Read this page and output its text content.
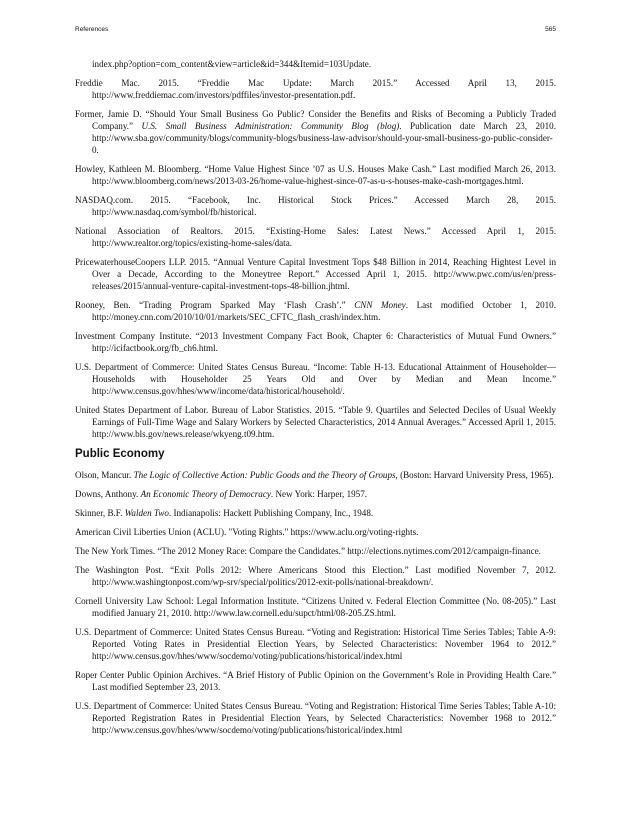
References	565

index.php?option=com_content&view=article&id=344&Itemid=103Update.

Freddie Mac. 2015. “Freddie Mac Update: March 2015.” Accessed April 13, 2015. http://www.freddiemac.com/investors/pdffiles/investor-presentation.pdf.

Former, Jamie D. “Should Your Small Business Go Public? Consider the Benefits and Risks of Becoming a Publicly Traded Company.” U.S. Small Business Administration: Community Blog (blog). Publication date March 23, 2010. http://www.sba.gov/community/blogs/community-blogs/business-law-advisor/should-your-small-business-go-public-consider-0.

Howley, Kathleen M. Bloomberg. “Home Value Highest Since ’07 as U.S. Houses Make Cash.” Last modified March 26, 2013. http://www.bloomberg.com/news/2013-03-26/home-value-highest-since-07-as-u-s-houses-make-cash-mortgages.html.

NASDAQ.com. 2015. “Facebook, Inc. Historical Stock Prices.” Accessed March 28, 2015. http://www.nasdaq.com/symbol/fb/historical.

National Association of Realtors. 2015. “Existing-Home Sales: Latest News.” Accessed April 1, 2015. http://www.realtor.org/topics/existing-home-sales/data.

PricewaterhouseCoopers LLP. 2015. “Annual Venture Capital Investment Tops $48 Billion in 2014, Reaching Hightest Level in Over a Decade, According to the Moneytree Report.” Accessed April 1, 2015. http://www.pwc.com/us/en/press-releases/2015/annual-venture-capital-investment-tops-48-billion.jhtml.

Rooney, Ben. “Trading Program Sparked May ‘Flash Crash’.” CNN Money. Last modified October 1, 2010. http://money.cnn.com/2010/10/01/markets/SEC_CFTC_flash_crash/index.htm.

Investment Company Institute. “2013 Investment Company Fact Book, Chapter 6: Characteristics of Mutual Fund Owners.” http://icifactbook.org/fb_ch6.html.

U.S. Department of Commerce: United States Census Bureau. “Income: Table H-13. Educational Attainment of Householder—Households with Householder 25 Years Old and Over by Median and Mean Income.” http://www.census.gov/hhes/www/income/data/historical/household/.

United States Department of Labor. Bureau of Labor Statistics. 2015. “Table 9. Quartiles and Selected Deciles of Usual Weekly Earnings of Full-Time Wage and Salary Workers by Selected Characteristics, 2014 Annual Averages.” Accessed April 1, 2015. http://www.bls.gov/news.release/wkyeng.t09.htm.

Public Economy

Olson, Mancur. The Logic of Collective Action: Public Goods and the Theory of Groups, (Boston: Harvard University Press, 1965).

Downs, Anthony. An Economic Theory of Democracy. New York: Harper, 1957.

Skinner, B.F. Walden Two. Indianapolis: Hackett Publishing Company, Inc., 1948.

American Civil Liberties Union (ACLU). "Voting Rights." https://www.aclu.org/voting-rights.

The New York Times. “The 2012 Money Race: Compare the Candidates.” http://elections.nytimes.com/2012/campaign-finance.

The Washington Post. “Exit Polls 2012: Where Americans Stood this Election.” Last modified November 7, 2012. http://www.washingtonpost.com/wp-srv/special/politics/2012-exit-polls/national-breakdown/.

Cornell University Law School: Legal Information Institute. “Citizens United v. Federal Election Committee (No. 08-205).” Last modified January 21, 2010. http://www.law.cornell.edu/supct/html/08-205.ZS.html.

U.S. Department of Commerce: United States Census Bureau. “Voting and Registration: Historical Time Series Tables; Table A-9: Reported Voting Rates in Presidential Election Years, by Selected Characteristics: November 1964 to 2012.” http://www.census.gov/hhes/www/socdemo/voting/publications/historical/index.html

Roper Center Public Opinion Archives. “A Brief History of Public Opinion on the Government’s Role in Providing Health Care.” Last modified September 23, 2013.

U.S. Department of Commerce: United States Census Bureau. “Voting and Registration: Historical Time Series Tables; Table A-10: Reported Registration Rates in Presidential Election Years, by Selected Characteristics: November 1968 to 2012.” http://www.census.gov/hhes/www/socdemo/voting/publications/historical/index.html
